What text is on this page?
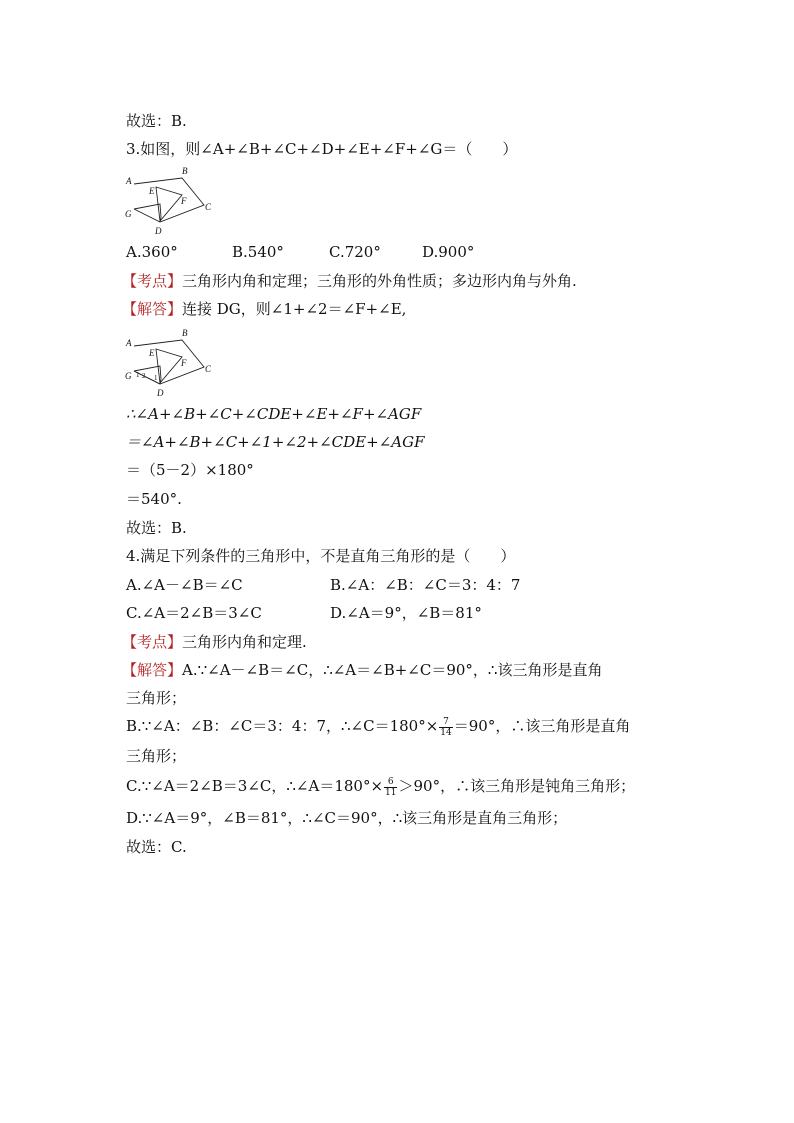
故选：B.
3.如图，则∠A+∠B+∠C+∠D+∠E+∠F+∠G＝（　　）
A
B
E
F
C
G
D
A.360°	B.540°	C.720°	D.900°
【考点】三角形内角和定理；三角形的外角性质；多边形内角与外角.
【解答】连接 DG，则∠1+∠2＝∠F+∠E,
A
B
E
F
C
G 1 2 1
D
∴∠A+∠B+∠C+∠CDE+∠E+∠F+∠AGF
＝∠A+∠B+∠C+∠1+∠2+∠CDE+∠AGF
＝（5－2）×180°
＝540°.
故选：B.
4.满足下列条件的三角形中，不是直角三角形的是（　　）
A.∠A－∠B＝∠C	B.∠A：∠B：∠C＝3：4：7
C.∠A＝2∠B＝3∠C	D.∠A＝9°，∠B＝81°
【考点】三角形内角和定理.
【解答】A.∵∠A－∠B＝∠C，∴∠A＝∠B+∠C＝90°，∴该三角形是直角
三角形；
B.∵∠A：∠B：∠C＝3：4：7，∴∠C＝180°× $\frac{7}{14} =90^\circ$，∴该三角形是直角
三角形；
C.∵∠A＝2∠B＝3∠C，∴∠A＝180°× $\frac{6}{11} >90^\circ$，∴该三角形是钝角三角形；
D.∵∠A＝9°，∠B＝81°，∴∠C＝90°，∴该三角形是直角三角形；
故选：C.
